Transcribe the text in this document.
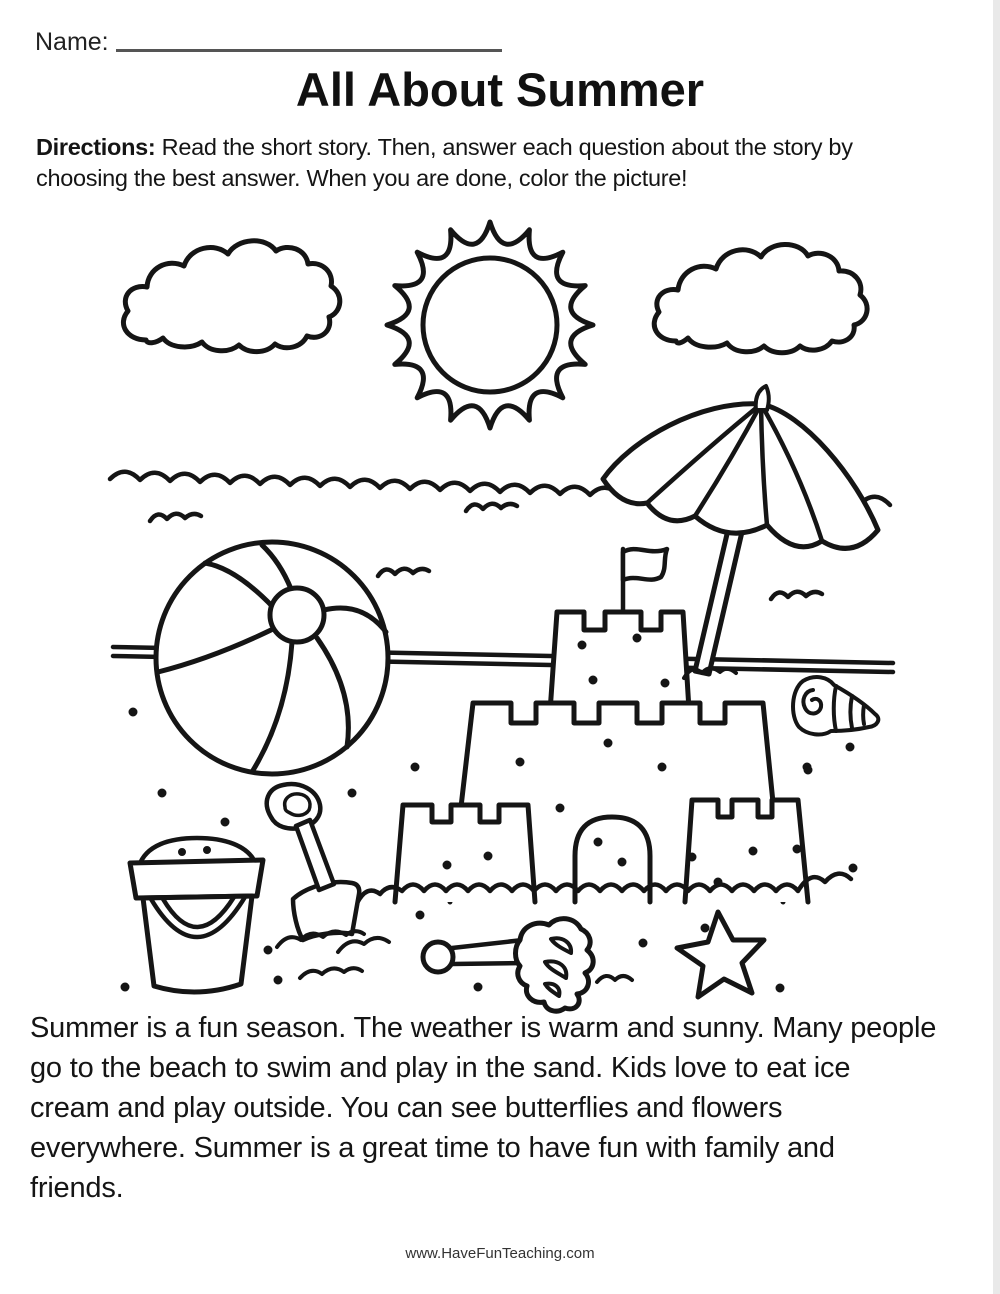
Name:
All About Summer
Directions: Read the short story. Then, answer each question about the story by
choosing the best answer. When you are done, color the picture!
Summer is a fun season. The weather is warm and sunny. Many people
go to the beach to swim and play in the sand. Kids love to eat ice
cream and play outside. You can see butterflies and flowers
everywhere. Summer is a great time to have fun with family and
friends.
www.HaveFunTeaching.com
